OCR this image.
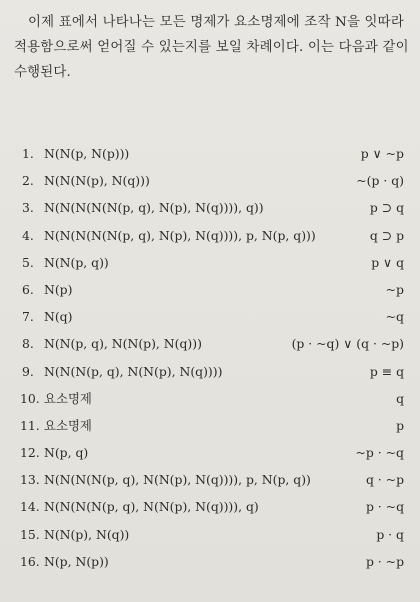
이제 표에서 나타나는 모든 명제가 요소명제에 조작 N을 잇따라 적용함으로써 얻어질 수 있는지를 보일 차례이다. 이는 다음과 같이 수행된다.
1. N(N(p, N(p)))	p ∨ ~p
2. N(N(N(p), N(q)))	~(p · q)
3. N(N(N(N(N(p, q), N(p), N(q)))), q))	p ⊃ q
4. N(N(N(N(N(p, q), N(p), N(q)))), p, N(p, q)))	q ⊃ p
5. N(N(p, q))	p ∨ q
6. N(p)	~p
7. N(q)	~q
8. N(N(p, q), N(N(p), N(q)))	(p · ~q) ∨ (q · ~p)
9. N(N(N(p, q), N(N(p), N(q))))	p ≡ q
10. 요소명제	q
11. 요소명제	p
12. N(p, q)	~p · ~q
13. N(N(N(N(p, q), N(N(p), N(q)))), p, N(p, q))	q · ~p
14. N(N(N(N(p, q), N(N(p), N(q)))), q)	p · ~q
15. N(N(p), N(q))	p · q
16. N(p, N(p))	p · ~p
